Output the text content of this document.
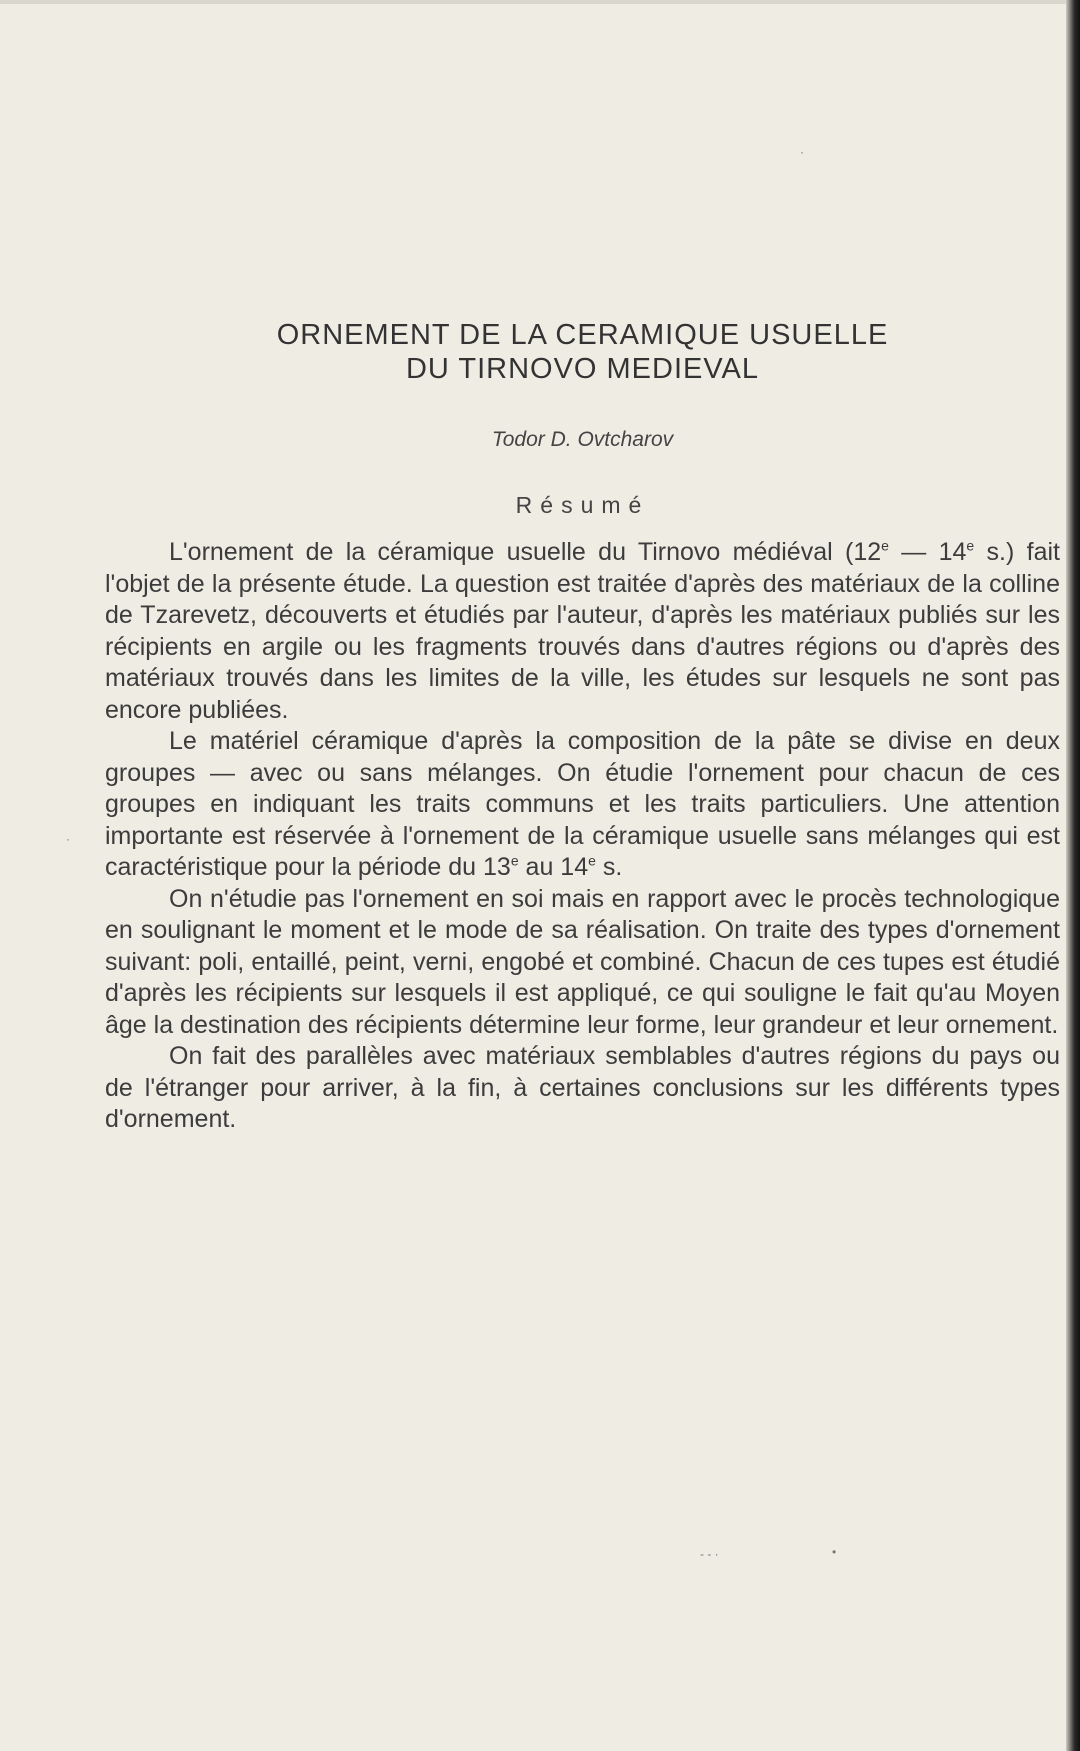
ORNEMENT DE LA CERAMIQUE USUELLE
DU TIRNOVO MEDIEVAL
Todor D. Ovtcharov
Résumé

L'ornement de la céramique usuelle du Tirnovo médiéval (12e — 14e s.) fait l'objet de la présente étude. La question est traitée d'après des matériaux de la colline de Tzarevetz, découverts et étudiés par l'auteur, d'après les matériaux publiés sur les récipients en argile ou les fragments trouvés dans d'autres régions ou d'après des matériaux trouvés dans les limites de la ville, les études sur lesquels ne sont pas encore publiées.

Le matériel céramique d'après la composition de la pâte se divise en deux groupes — avec ou sans mélanges. On étudie l'ornement pour chacun de ces groupes en indiquant les traits communs et les traits particuliers. Une attention importante est réservée à l'ornement de la céramique usuelle sans mélanges qui est caractéristique pour la période du 13e au 14e s.

On n'étudie pas l'ornement en soi mais en rapport avec le procès technologique en soulignant le moment et le mode de sa réalisation. On traite des types d'ornement suivant: poli, entaillé, peint, verni, engobé et combiné. Chacun de ces tupes est étudié d'après les récipients sur lesquels il est appliqué, ce qui souligne le fait qu'au Moyen âge la destination des récipients détermine leur forme, leur grandeur et leur ornement.

On fait des parallèles avec matériaux semblables d'autres régions du pays ou de l'étranger pour arriver, à la fin, à certaines conclusions sur les différents types d'ornement.

·
·
- - ·	•
